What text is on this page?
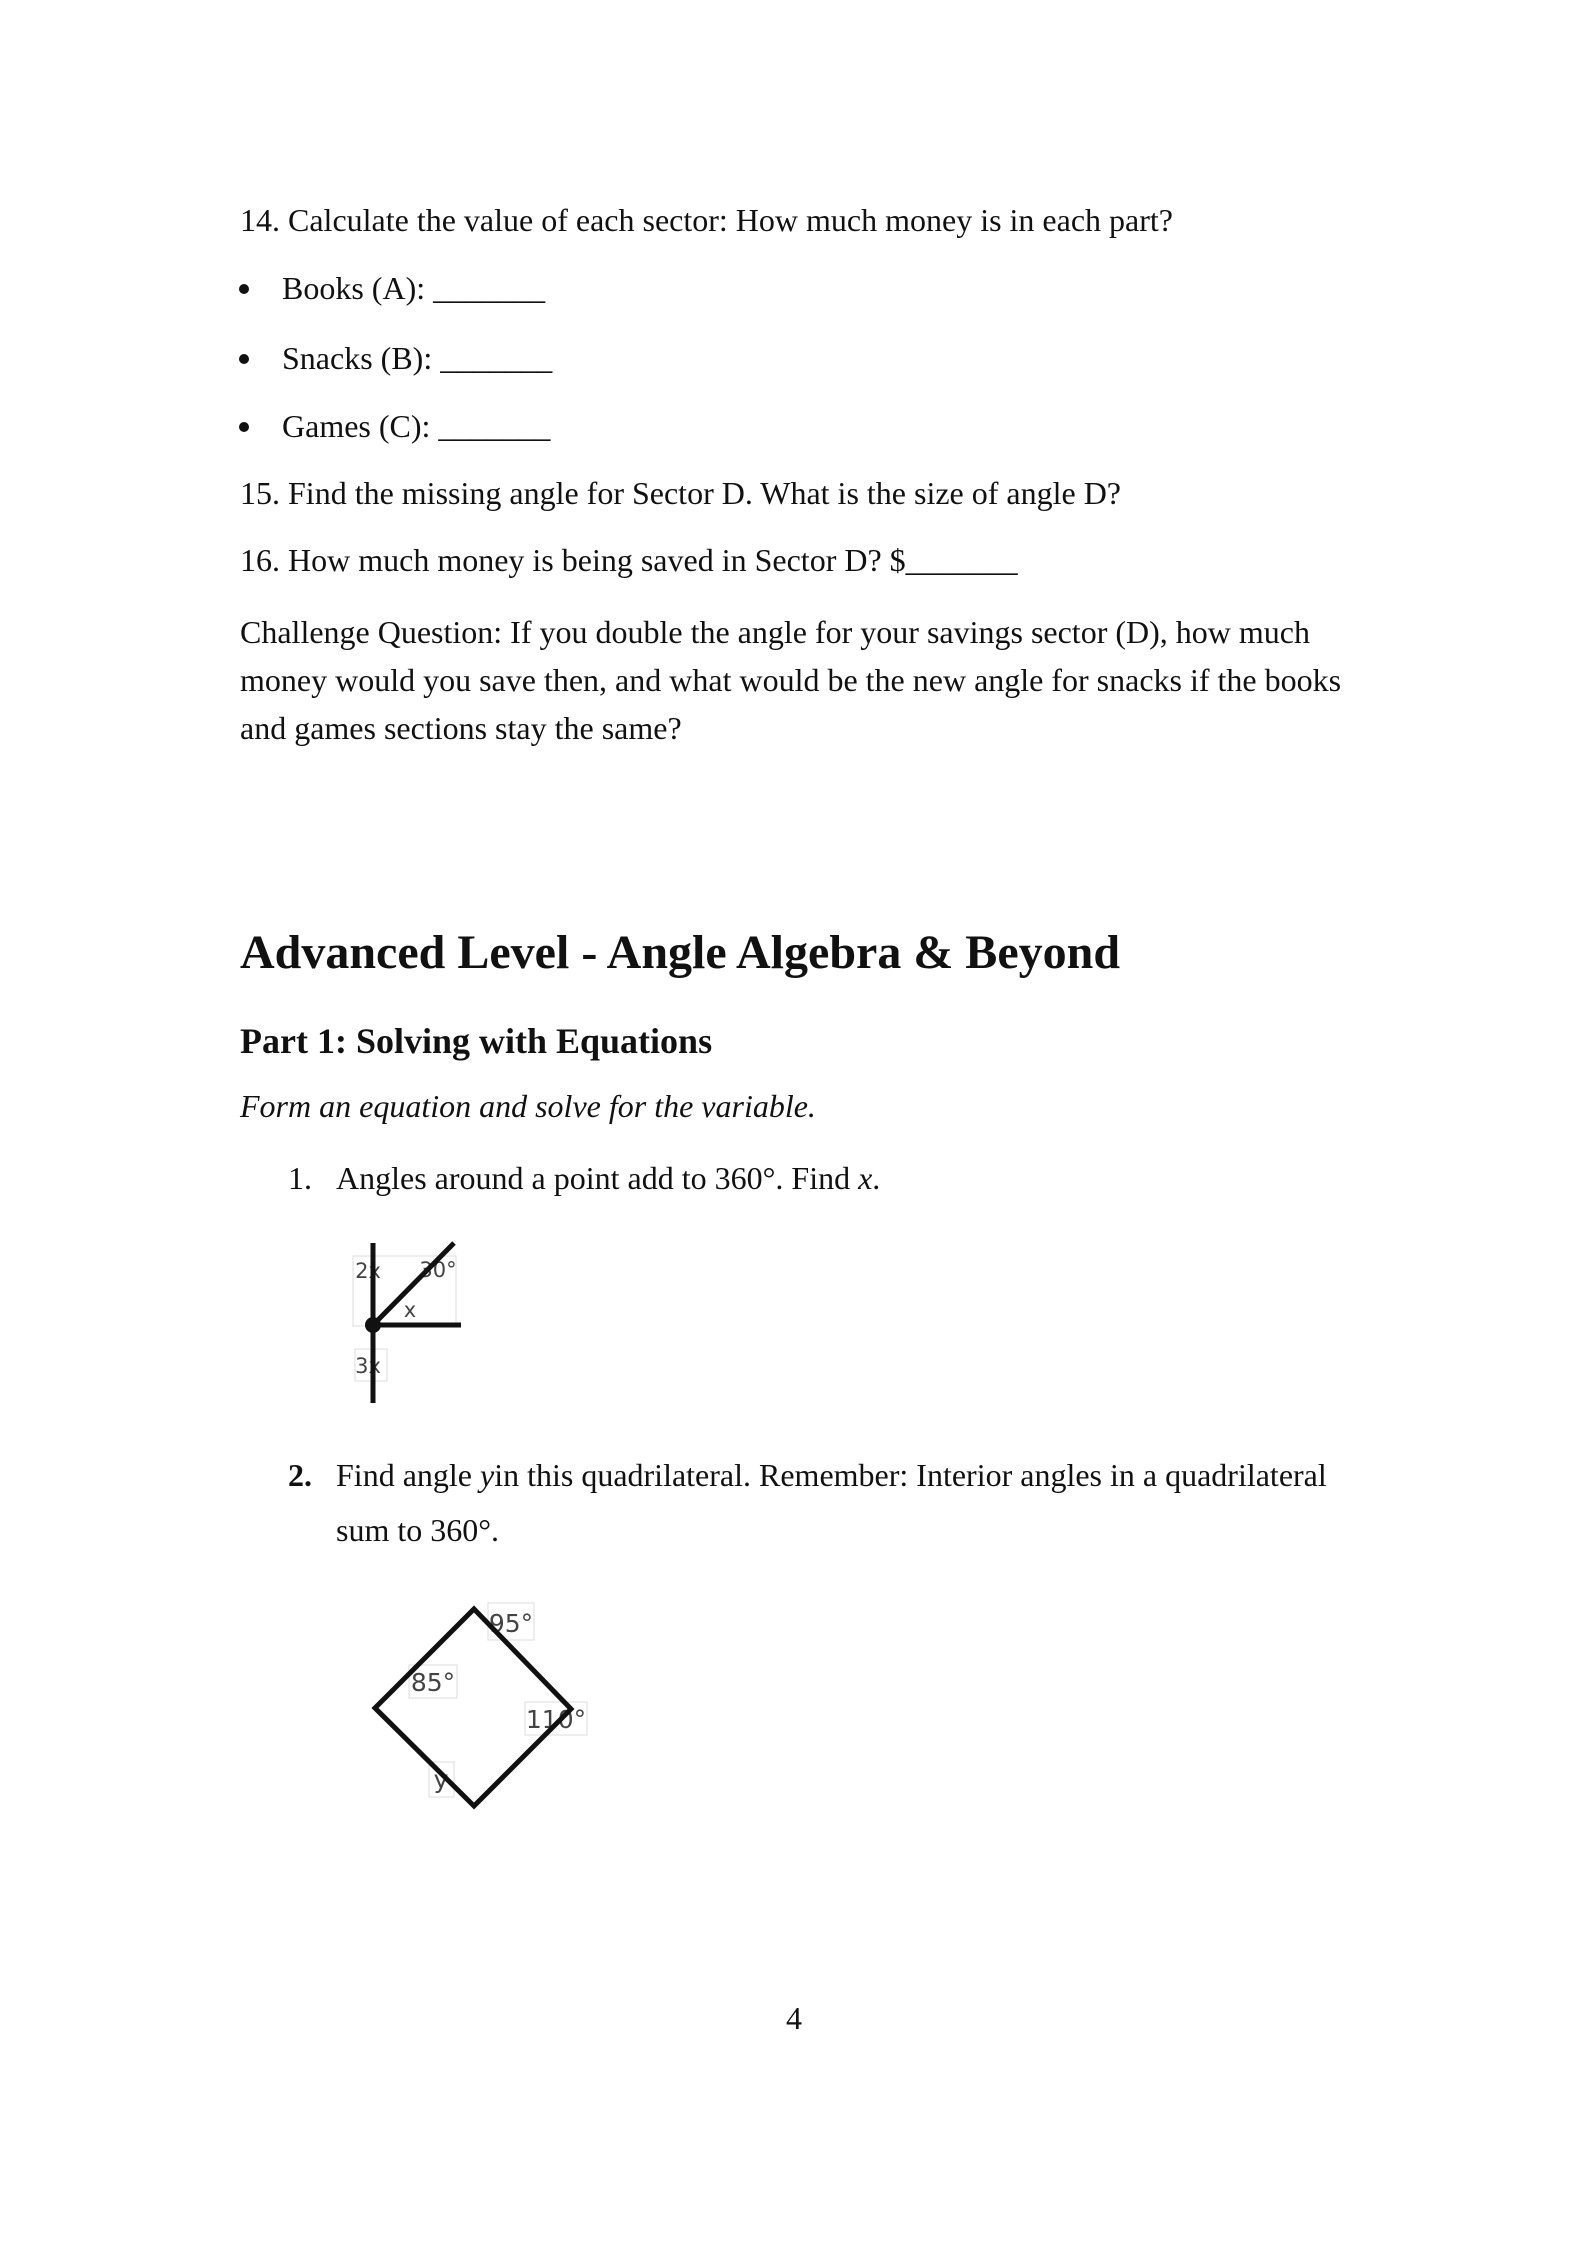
14. Calculate the value of each sector: How much money is in each part?
Books (A): _______
Snacks (B): _______
Games (C): _______
15. Find the missing angle for Sector D. What is the size of angle D?
16. How much money is being saved in Sector D? $_______
Challenge Question: If you double the angle for your savings sector (D), how much
money would you save then, and what would be the new angle for snacks if the books
and games sections stay the same?
Advanced Level - Angle Algebra & Beyond
Part 1: Solving with Equations
Form an equation and solve for the variable.
1. Angles around a point add to 360°. Find x.
2x 30°
x
3x
2. Find angle yin this quadrilateral. Remember: Interior angles in a quadrilateral
sum to 360°.
95°
85°
110°
y
4
